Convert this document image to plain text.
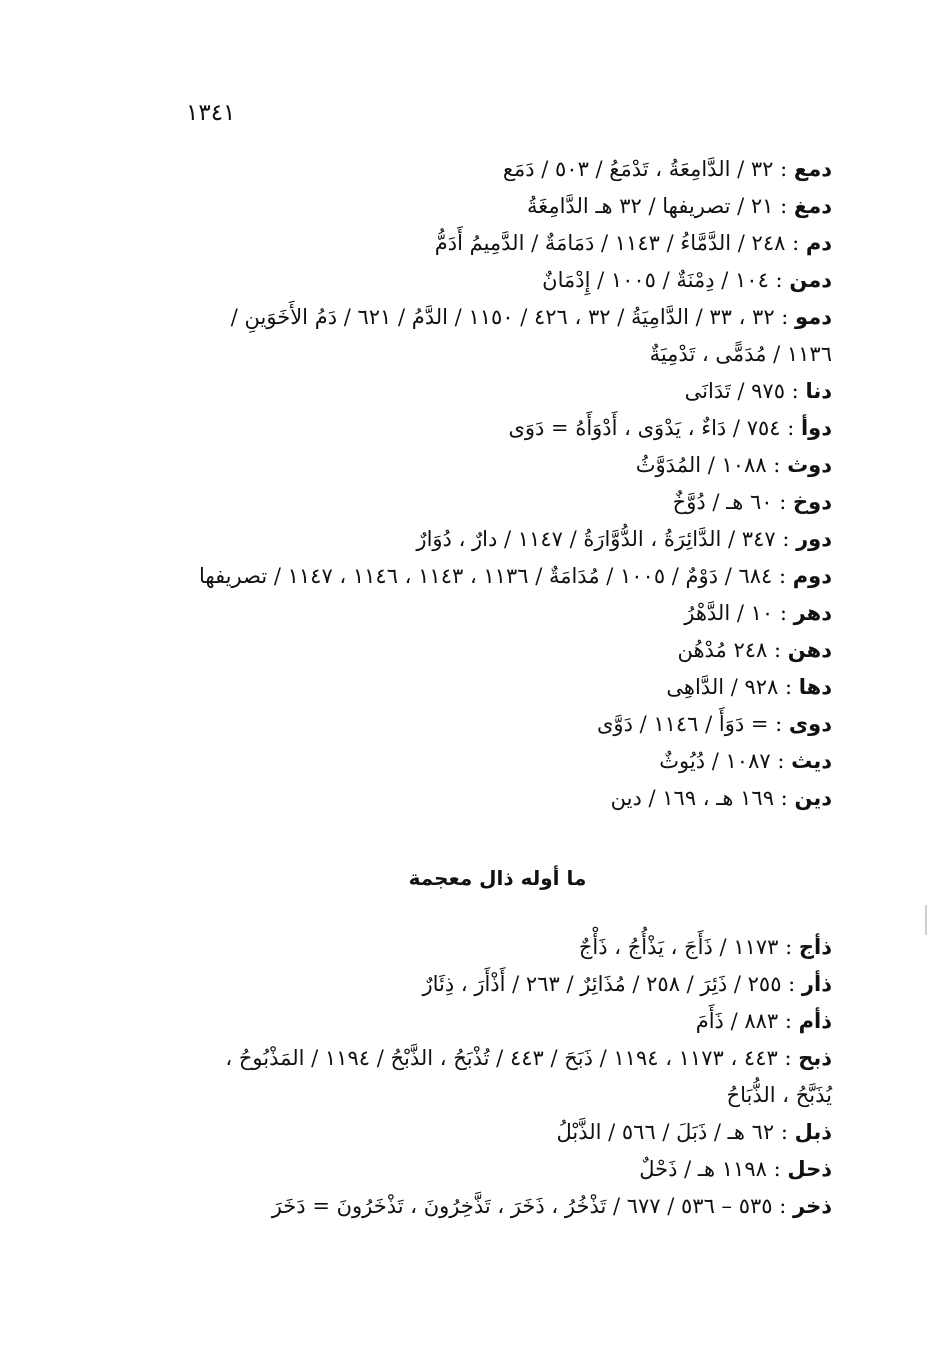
١٣٤١
دمع : ٣٢ / الدَّامِعَةُ ، تَدْمَعُ / ٥٠٣ / دَمَع
دمغ : ٢١ / تصريفها / ٣٢ هـ الدَّامِغَةُ
دم : ٢٤٨ / الدَّمَّاءُ / ١١٤٣ / دَمَامَةٌ / الدَّمِيمُ أَدَمُّ
دمن : ١٠٤ / دِمْنَةٌ / ١٠٠٥ / إِدْمَانٌ
دمو : ٣٢ ، ٣٣ / الدَّامِيَةُ / ٣٢ ، ٤٢٦ / ١١٥٠ / الدَّمُ / ٦٢١ / دَمُ الأَخَوَينِ /
١١٣٦ / مُدَمًّى ، تَدْمِيَةٌ
دنا : ٩٧٥ / تَدَانَى
دوأ : ٧٥٤ / دَاءٌ ، يَدْوَى ، أَدْوَأَهُ = دَوَى
دوث : ١٠٨٨ / المُدَوَّثُ
دوخ : ٦٠ هـ / دُوَّخٌ
دور : ٣٤٧ / الدَّائِرَةُ ، الدُّوَّارَةُ / ١١٤٧ / دارٌ ، دُوَارٌ
دوم : ٦٨٤ / دَوْمٌ / ١٠٠٥ / مُدَامَةٌ / ١١٣٦ ، ١١٤٣ ، ١١٤٦ ، ١١٤٧ / تصريفها
دهر : ١٠ / الدَّهْرُ
دهن : ٢٤٨ مُدْهُن
دها : ٩٢٨ / الدَّاهِى
دوى : = دَوَأَ / ١١٤٦ / دَوَّى
ديث : ١٠٨٧ / دُيُوثٌ
دين : ١٦٩ هـ ، ١٦٩ / دين
ما أوله ذال معجمة
ذأج : ١١٧٣ / ذَأَجَ ، يَذْأُجُ ، ذَأْجٌ
ذأر : ٢٥٥ / ذَئِرَ / ٢٥٨ / مُذَائِرٌ / ٢٦٣ / أَذْأَرَ ، ذِئَارٌ
ذأم : ٨٨٣ / ذَأَمَ
ذبح : ٤٤٣ ، ١١٧٣ ، ١١٩٤ / ذَبَحَ / ٤٤٣ / تُذْبَحُ ، الذَّبْحُ / ١١٩٤ / المَذْبُوحُ ،
يُذَبَّحُ ، الذُّبَاحُ
ذبل : ٦٢ هـ / ذَبَلَ / ٥٦٦ / الذَّبْلُ
ذحل : ١١٩٨ هـ / ذَحْلٌ
ذخر : ٥٣٥ – ٥٣٦ / ٦٧٧ / تَذْخُرُ ، ذَخَرَ ، تَذَّخِرُونَ ، تَذْخَرُونَ = دَخَرَ
